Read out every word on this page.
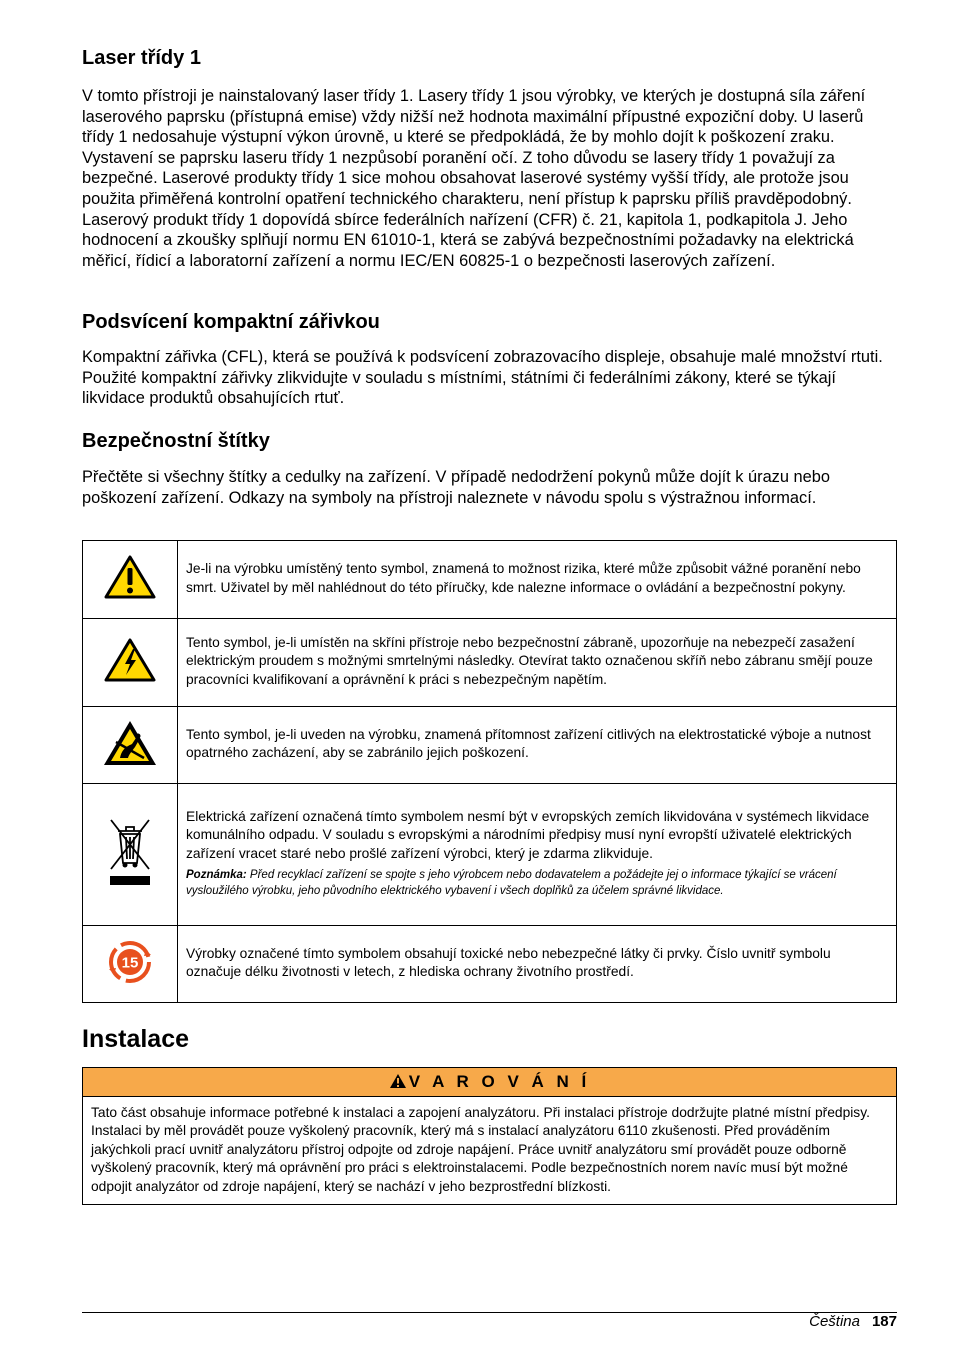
Laser třídy 1

V tomto přístroji je nainstalovaný laser třídy 1. Lasery třídy 1 jsou výrobky, ve kterých je dostupná síla záření laserového paprsku (přístupná emise) vždy nižší než hodnota maximální přípustné expoziční doby. U laserů třídy 1 nedosahuje výstupní výkon úrovně, u které se předpokládá, že by mohlo dojít k poškození zraku. Vystavení se paprsku laseru třídy 1 nezpůsobí poranění očí. Z toho důvodu se lasery třídy 1 považují za bezpečné. Laserové produkty třídy 1 sice mohou obsahovat laserové systémy vyšší třídy, ale protože jsou použita přiměřená kontrolní opatření technického charakteru, není přístup k paprsku příliš pravděpodobný. Laserový produkt třídy 1 dopovídá sbírce federálních nařízení (CFR) č. 21, kapitola 1, podkapitola J. Jeho hodnocení a zkoušky splňují normu EN 61010-1, která se zabývá bezpečnostními požadavky na elektrická měřicí, řídicí a laboratorní zařízení a normu IEC/EN 60825-1 o bezpečnosti laserových zařízení.

Podsvícení kompaktní zářivkou

Kompaktní zářivka (CFL), která se používá k podsvícení zobrazovacího displeje, obsahuje malé množství rtuti. Použité kompaktní zářivky zlikvidujte v souladu s místními, státními či federálními zákony, které se týkají likvidace produktů obsahujících rtuť.

Bezpečnostní štítky

Přečtěte si všechny štítky a cedulky na zařízení. V případě nedodržení pokynů může dojít k úrazu nebo poškození zařízení. Odkazy na symboly na přístroji naleznete v návodu spolu s výstražnou informací.

	Je-li na výrobku umístěný tento symbol, znamená to možnost rizika, které může způsobit vážné poranění nebo smrt. Uživatel by měl nahlédnout do této příručky, kde nalezne informace o ovládání a bezpečnostní pokyny.
	Tento symbol, je-li umístěn na skříni přístroje nebo bezpečnostní zábraně, upozorňuje na nebezpečí zasažení elektrickým proudem s možnými smrtelnými následky. Otevírat takto označenou skříň nebo zábranu smějí pouze pracovníci kvalifikovaní a oprávnění k práci s nebezpečným napětím.
	Tento symbol, je-li uveden na výrobku, znamená přítomnost zařízení citlivých na elektrostatické výboje a nutnost opatrného zacházení, aby se zabránilo jejich poškození.

Elektrická zařízení označená tímto symbolem nesmí být v evropských zemích likvidována v systémech likvidace komunálního odpadu. V souladu s evropskými a národními předpisy musí nyní evropští uživatelé elektrických zařízení vracet staré nebo prošlé zařízení výrobci, který je zdarma zlikviduje.
Poznámka: Před recyklací zařízení se spojte s jeho výrobcem nebo dodavatelem a požádejte jej o informace týkající se vrácení vysloužilého výrobku, jeho původního elektrického vybavení i všech doplňků za účelem správné likvidace.

15	Výrobky označené tímto symbolem obsahují toxické nebo nebezpečné látky či prvky. Číslo uvnitř symbolu označuje délku životnosti v letech, z hlediska ochrany životního prostředí.
Instalace
V A R O V Á N Í
Tato část obsahuje informace potřebné k instalaci a zapojení analyzátoru. Při instalaci přístroje dodržujte platné místní předpisy. Instalaci by měl provádět pouze vyškolený pracovník, který má s instalací analyzátoru 6110 zkušenosti. Před prováděním jakýchkoli prací uvnitř analyzátoru přístroj odpojte od zdroje napájení. Práce uvnitř analyzátoru smí provádět pouze odborně vyškolený pracovník, který má oprávnění pro práci s elektroinstalacemi. Podle bezpečnostních norem navíc musí být možné odpojit analyzátor od zdroje napájení, který se nachází v jeho bezprostřední blízkosti.
Čeština 187
